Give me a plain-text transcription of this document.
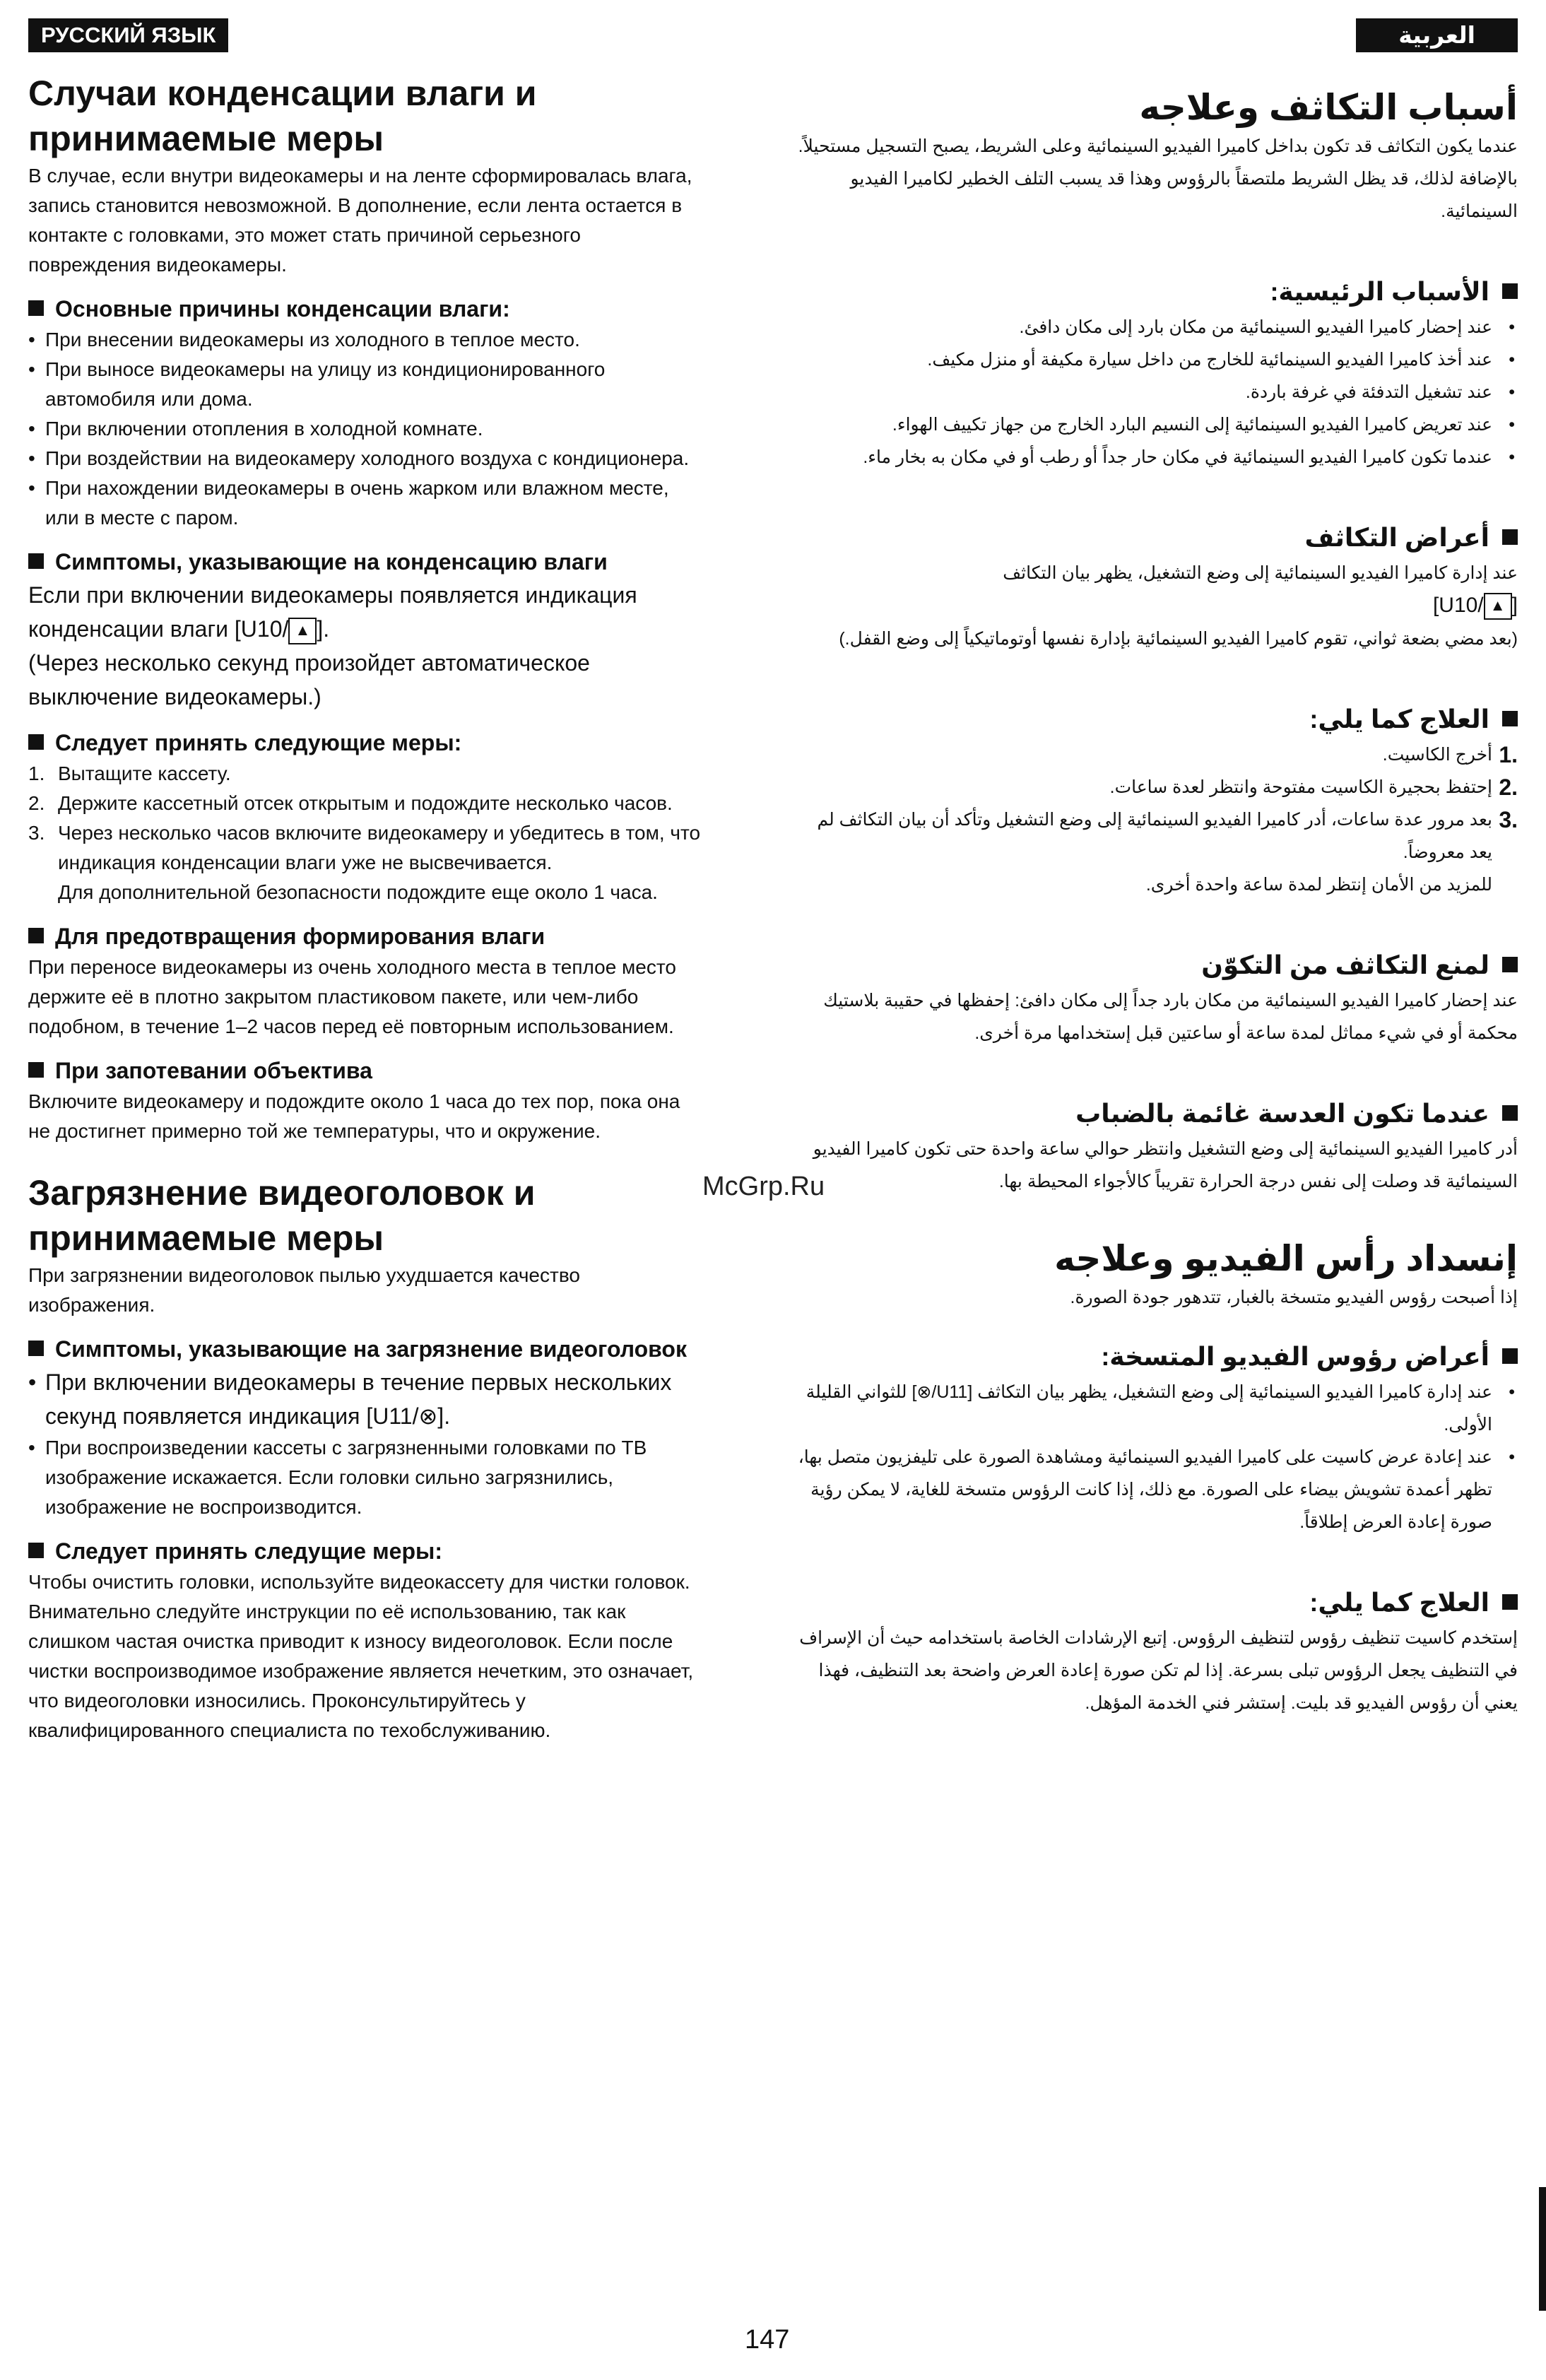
РУССКИЙ ЯЗЫК	العربية
Случаи конденсации влаги и принимаемые меры

В случае, если внутри видеокамеры и на ленте сформировалась влага, запись становится невозможной. В дополнение, если лента остается в контакте с головками, это может стать причиной серьезного повреждения видеокамеры.

Основные причины конденсации влаги:
• При внесении видеокамеры из холодного в теплое место.
• При выносе видеокамеры на улицу из кондиционированного автомобиля или дома.
• При включении отопления в холодной комнате.
• При воздействии на видеокамеру холодного воздуха с кондиционера.
• При нахождении видеокамеры в очень жарком или влажном месте, или в месте с паром.
Симптомы, указывающие на конденсацию влаги

Если при включении видеокамеры появляется индикация конденсации влаги [U10/ ▲ ].

(Через несколько секунд произойдет автоматическое выключение видеокамеры.)

Следует принять следующие меры:
1. Вытащите кассету.
2. Держите кассетный отсек открытым и подождите несколько часов.
3. Через несколько часов включите видеокамеру и убедитесь в том, что индикация конденсации влаги уже не высвечивается.
Для дополнительной безопасности подождите еще около 1 часа.
Для предотвращения формирования влаги

При переносе видеокамеры из очень холодного места в теплое место держите её в плотно закрытом пластиковом пакете, или чем-либо подобном, в течение 1–2 часов перед её повторным использованием.

При запотевании объектива

Включите видеокамеру и подождите около 1 часа до тех пор, пока она не достигнет примерно той же температуры, что и окружение.

Загрязнение видеоголовок и принимаемые меры

При загрязнении видеоголовок пылью ухудшается качество изображения.

Симптомы, указывающие на загрязнение видеоголовок
• При включении видеокамеры в течение первых нескольких секунд появляется индикация [U11/⊗].
• При воспроизведении кассеты с загрязненными головками по ТВ изображение искажается. Если головки сильно загрязнились, изображение не воспроизводится.
Следует принять следущие меры:

Чтобы очистить головки, используйте видеокассету для чистки головок. Внимательно следуйте инструкции по её использованию, так как слишком частая очистка приводит к износу видеоголовок. Если после чистки воспроизводимое изображение является нечетким, это означает, что видеоголовки износились. Проконсультируйтесь у квалифицированного специалиста по техобслуживанию.

أسباب التكاثف وعلاجه

عندما يكون التكاثف قد تكون بداخل كاميرا الفيديو السينمائية وعلى الشريط، يصبح التسجيل مستحيلاً. بالإضافة لذلك، قد يظل الشريط ملتصقاً بالرؤوس وهذا قد يسبب التلف الخطير لكاميرا الفيديو السينمائية.

الأسباب الرئيسية:
• عند إحضار كاميرا الفيديو السينمائية من مكان بارد إلى مكان دافئ.
• عند أخذ كاميرا الفيديو السينمائية للخارج من داخل سيارة مكيفة أو منزل مكيف.
• عند تشغيل التدفئة في غرفة باردة.
• عند تعريض كاميرا الفيديو السينمائية إلى النسيم البارد الخارج من جهاز تكييف الهواء.
• عندما تكون كاميرا الفيديو السينمائية في مكان حار جداً أو رطب أو في مكان به بخار ماء.
أعراض التكاثف

عند إدارة كاميرا الفيديو السينمائية إلى وضع التشغيل، يظهر بيان التكاثف

[U10/ ▲ ]

(بعد مضي بضعة ثواني، تقوم كاميرا الفيديو السينمائية بإدارة نفسها أوتوماتيكياً إلى وضع القفل.)

العلاج كما يلي:
1.
أخرج الكاسيت.
2.
إحتفظ بحجيرة الكاسيت مفتوحة وانتظر لعدة ساعات.
3.
بعد مرور عدة ساعات، أدر كاميرا الفيديو السينمائية إلى وضع التشغيل وتأكد أن بيان التكاثف لم يعد معروضاً.
للمزيد من الأمان إنتظر لمدة ساعة واحدة أخرى.
لمنع التكاثف من التكوّن

عند إحضار كاميرا الفيديو السينمائية من مكان بارد جداً إلى مكان دافئ: إحفظها في حقيبة بلاستيك محكمة أو في شيء مماثل لمدة ساعة أو ساعتين قبل إستخدامها مرة أخرى.

عندما تكون العدسة غائمة بالضباب

أدر كاميرا الفيديو السينمائية إلى وضع التشغيل وانتظر حوالي ساعة واحدة حتى تكون كاميرا الفيديو السينمائية قد وصلت إلى نفس درجة الحرارة تقريباً كالأجواء المحيطة بها.

إنسداد رأس الفيديو وعلاجه

إذا أصبحت رؤوس الفيديو متسخة بالغبار، تتدهور جودة الصورة.

أعراض رؤوس الفيديو المتسخة:
• عند إدارة كاميرا الفيديو السينمائية إلى وضع التشغيل، يظهر بيان التكاثف [U11/⊗] للثواني القليلة الأولى.
• عند إعادة عرض كاسيت على كاميرا الفيديو السينمائية ومشاهدة الصورة على تليفزيون متصل بها، تظهر أعمدة تشويش بيضاء على الصورة. مع ذلك، إذا كانت الرؤوس متسخة للغاية، لا يمكن رؤية صورة إعادة العرض إطلاقاً.
العلاج كما يلي:

إستخدم كاسيت تنظيف رؤوس لتنظيف الرؤوس. إتبع الإرشادات الخاصة باستخدامه حيث أن الإسراف في التنظيف يجعل الرؤوس تبلى بسرعة. إذا لم تكن صورة إعادة العرض واضحة بعد التنظيف، فهذا يعني أن رؤوس الفيديو قد بليت. إستشر فني الخدمة المؤهل.

McGrp.Ru
147
